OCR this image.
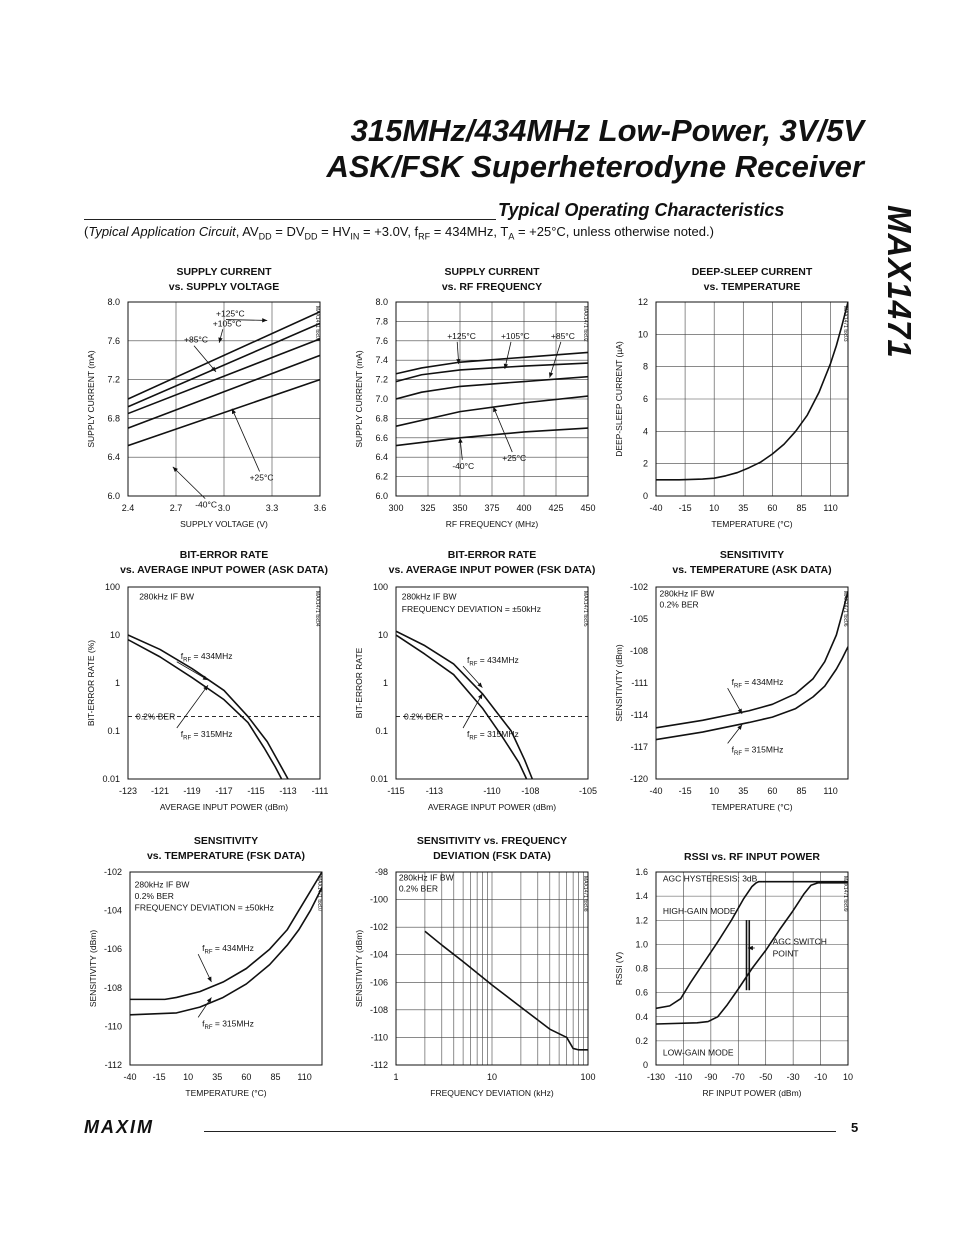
315MHz/434MHz Low-Power, 3V/5V
ASK/FSK Superheterodyne Receiver
MAX1471
Typical Operating Characteristics
(Typical Application Circuit, $AV_{DD} = DV_{DD} = HV_{IN} = +3.0V$, $f_{RF} = 434MHz$, $T_A = +25^\circ C$, unless otherwise noted.)
SUPPLY CURRENT
vs. SUPPLY VOLTAGE
2.4	2.7	3.0	3.3	3.6
6.0
6.4
6.8
7.2
7.6
8.0
SUPPLY VOLTAGE (V)
SUPPLY CURRENT (mA)
MAX1471 toc01
+125°C
+105°C
+85°C
+25°C
-40°C
SUPPLY CURRENT
vs. RF FREQUENCY
300 325 350 375 400 425 450
6.0
6.2
6.4
6.6
6.8
7.0
7.2
7.4
7.6
7.8
8.0
RF FREQUENCY (MHz)
SUPPLY CURRENT (mA)
MAX1471 toc02
+125°C	+105°C +85°C
-40°C
+25°C
DEEP-SLEEP CURRENT
vs. TEMPERATURE
-40 -15 10 35 60 85 110
0
2
4
6
8
10
12
TEMPERATURE (°C)
DEEP-SLEEP CURRENT (µA)
MAX1471 toc03
BIT-ERROR RATE
vs. AVERAGE INPUT POWER (ASK DATA)
-123 -121 -119 -117 -115 -113 -111
0.01
0.1
1
10
100
AVERAGE INPUT POWER (dBm)
BIT-ERROR RATE (%)
MAX1471 toc04
0.2% BER
280kHz IF BW
$f_{RF} = 434MHz$
$f_{RF} = 315MHz$
BIT-ERROR RATE
vs. AVERAGE INPUT POWER (FSK DATA)
-115 -113	-110 -108	-105
0.01
0.1
1
10
100
AVERAGE INPUT POWER (dBm)
BIT-ERROR RATE
MAX1471 toc05
0.2% BER
280kHz IF BW
FREQUENCY DEVIATION = ±50kHz
$f_{RF} = 434MHz$
$f_{RF} = 315MHz$
SENSITIVITY
vs. TEMPERATURE (ASK DATA)
-40 -15 10 35 60 85 110
-120
-117
-114
-111
-108
-105
-102
TEMPERATURE (°C)
SENSITIVITY (dBm)
MAX1471 toc06
280kHz IF BW
0.2% BER
$f_{RF} = 434MHz$
$f_{RF} = 315MHz$
SENSITIVITY
vs. TEMPERATURE (FSK DATA)
-40 -15 10 35 60 85 110
-112
-110
-108
-106
-104
-102
TEMPERATURE (°C)
SENSITIVITY (dBm)
MAX1471 toc07
280kHz IF BW
0.2% BER
FREQUENCY DEVIATION = ±50kHz
$f_{RF} = 434MHz$
$f_{RF} = 315MHz$
SENSITIVITY vs. FREQUENCY
DEVIATION (FSK DATA)
1	10	100
-112
-110
-108
-106
-104
-102
-100
-98
FREQUENCY DEVIATION (kHz)
SENSITIVITY (dBm)
MAX1471 toc08
280kHz IF BW
0.2% BER
RSSI vs. RF INPUT POWER
-130 -110 -90 -70 -50 -30 -10 10
0
0.2
0.4
0.6
0.8
1.0
1.2
1.4
1.6
RF INPUT POWER (dBm)
RSSI (V)
MAX1471 toc09
AGC HYSTERESIS: 3dB
HIGH-GAIN MODE
LOW-GAIN MODE
AGC SWITCH
POINT
MAXIM	5
